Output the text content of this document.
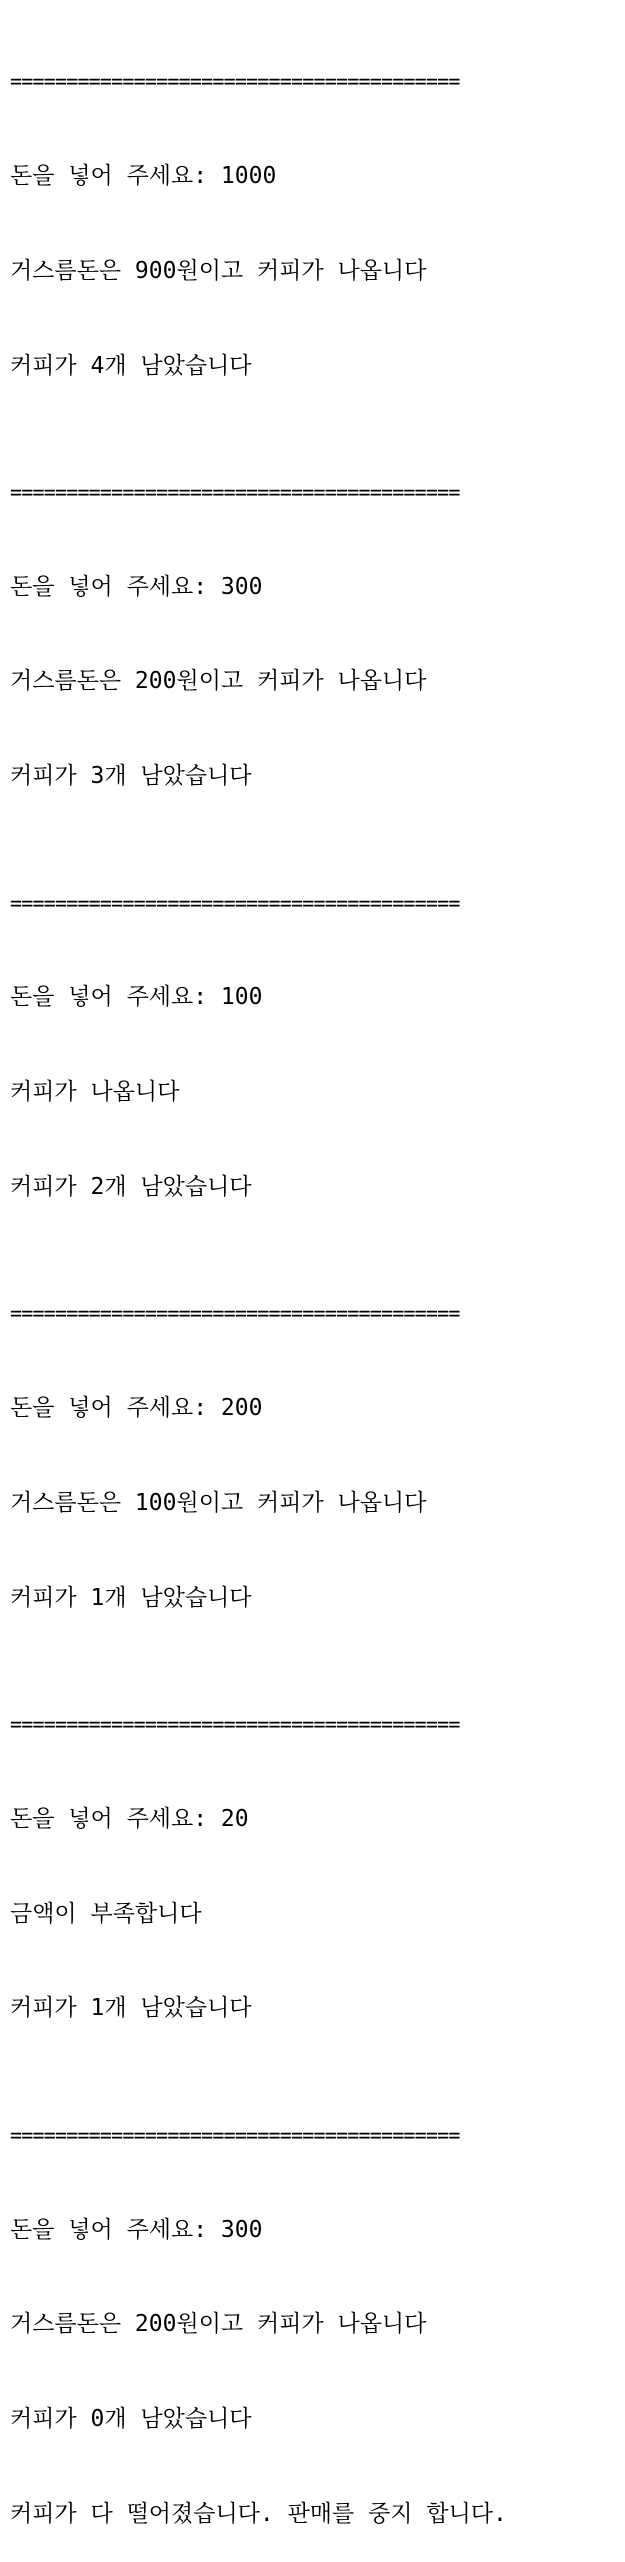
========================================

돈을 넣어 주세요: 1000

거스름돈은 900원이고 커피가 나옵니다

커피가 4개 남았습니다

========================================

돈을 넣어 주세요: 300

거스름돈은 200원이고 커피가 나옵니다

커피가 3개 남았습니다

========================================

돈을 넣어 주세요: 100

커피가 나옵니다

커피가 2개 남았습니다

========================================

돈을 넣어 주세요: 200

거스름돈은 100원이고 커피가 나옵니다

커피가 1개 남았습니다

========================================

돈을 넣어 주세요: 20

금액이 부족합니다

커피가 1개 남았습니다

========================================

돈을 넣어 주세요: 300

거스름돈은 200원이고 커피가 나옵니다

커피가 0개 남았습니다

커피가 다 떨어졌습니다. 판매를 중지 합니다.
